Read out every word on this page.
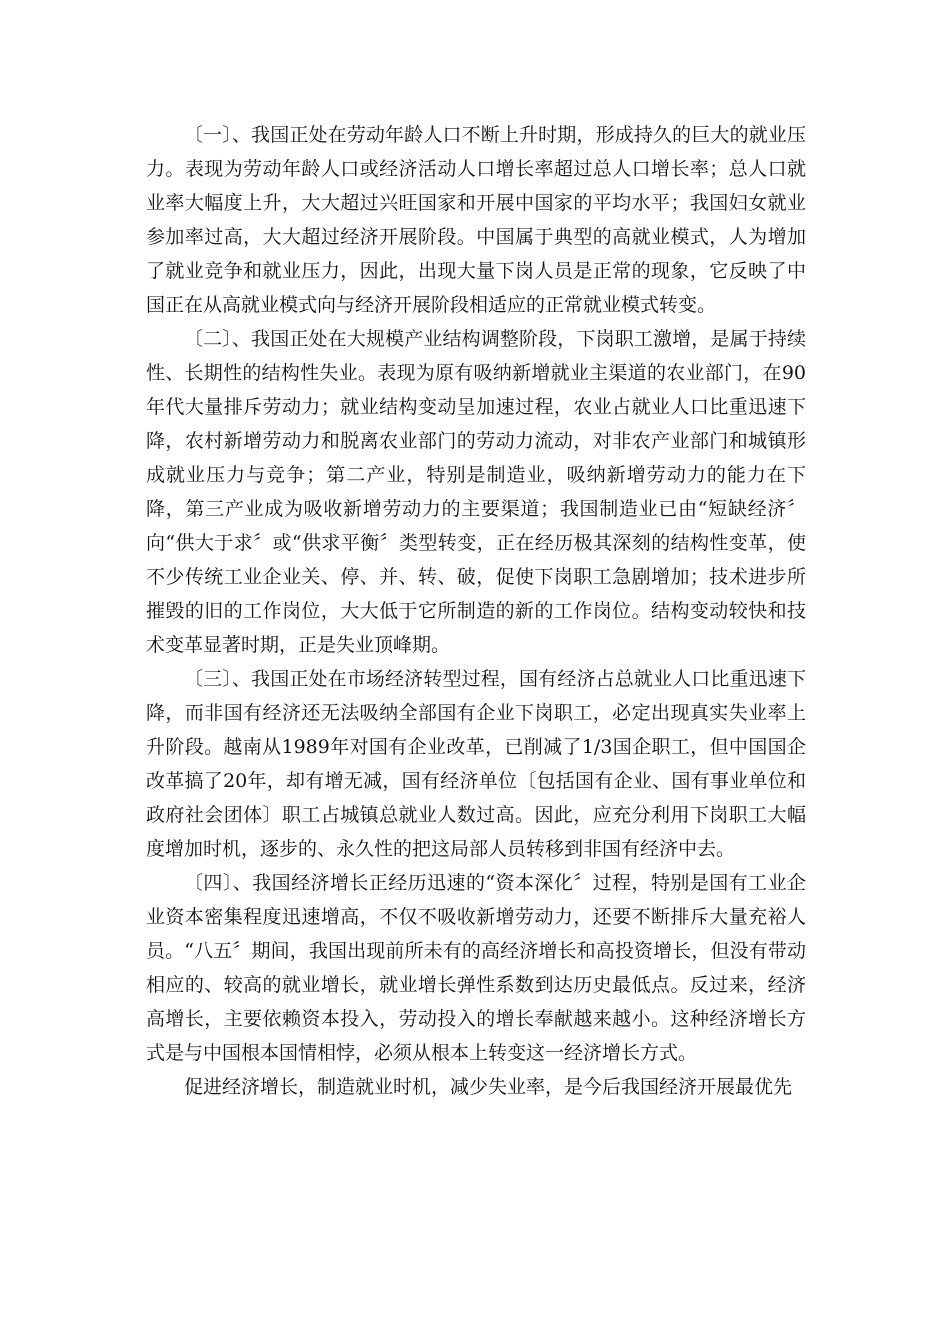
〔一〕、我国正处在劳动年龄人口不断上升时期，形成持久的巨大的就业压力。表现为劳动年龄人口或经济活动人口增长率超过总人口增长率；总人口就业率大幅度上升，大大超过兴旺国家和开展中国家的平均水平；我国妇女就业参加率过高，大大超过经济开展阶段。中国属于典型的高就业模式，人为增加了就业竞争和就业压力，因此，出现大量下岗人员是正常的现象，它反映了中国正在从高就业模式向与经济开展阶段相适应的正常就业模式转变。

〔二〕、我国正处在大规模产业结构调整阶段，下岗职工激增，是属于持续性、长期性的结构性失业。表现为原有吸纳新增就业主渠道的农业部门，在90年代大量排斥劳动力；就业结构变动呈加速过程，农业占就业人口比重迅速下降，农村新增劳动力和脱离农业部门的劳动力流动，对非农产业部门和城镇形成就业压力与竞争；第二产业，特别是制造业，吸纳新增劳动力的能力在下降，第三产业成为吸收新增劳动力的主要渠道；我国制造业已由“短缺经济〞向“供大于求〞或“供求平衡〞类型转变，正在经历极其深刻的结构性变革，使不少传统工业企业关、停、并、转、破，促使下岗职工急剧增加；技术进步所摧毁的旧的工作岗位，大大低于它所制造的新的工作岗位。结构变动较快和技术变革显著时期，正是失业顶峰期。

〔三〕、我国正处在市场经济转型过程，国有经济占总就业人口比重迅速下降，而非国有经济还无法吸纳全部国有企业下岗职工，必定出现真实失业率上升阶段。越南从1989年对国有企业改革，已削减了1/3国企职工，但中国国企改革搞了20年，却有增无减，国有经济单位〔包括国有企业、国有事业单位和政府社会团体〕职工占城镇总就业人数过高。因此，应充分利用下岗职工大幅度增加时机，逐步的、永久性的把这局部人员转移到非国有经济中去。

〔四〕、我国经济增长正经历迅速的“资本深化〞过程，特别是国有工业企业资本密集程度迅速增高，不仅不吸收新增劳动力，还要不断排斥大量充裕人员。“八五〞期间，我国出现前所未有的高经济增长和高投资增长，但没有带动相应的、较高的就业增长，就业增长弹性系数到达历史最低点。反过来，经济高增长，主要依赖资本投入，劳动投入的增长奉献越来越小。这种经济增长方式是与中国根本国情相悖，必须从根本上转变这一经济增长方式。

促进经济增长，制造就业时机，减少失业率，是今后我国经济开展最优先
